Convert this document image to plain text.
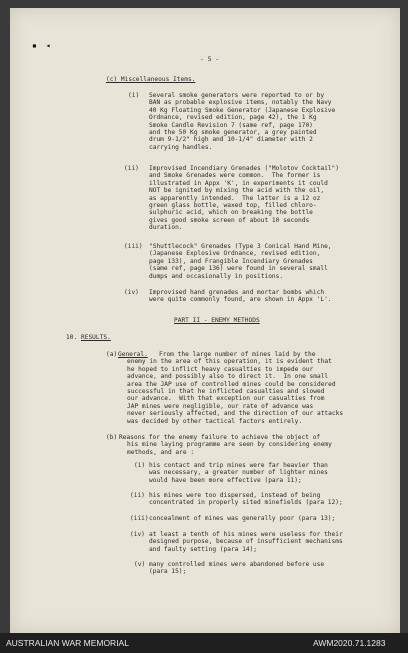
▪ ◂
- 5 -
(c) Miscellaneous Items.
(i) Several smoke generators were reported to or by
BAN as probable explosive items, notably the Navy
40 Kg Floating Smoke Generator (Japanese Explosive
Ordnance, revised edition, page 42), the 1 Kg
Smoke Candle Revision 7 (same ref, page 170)
and the 50 Kg smoke generator, a grey painted
drum 9-1/2" high and 10-1/4" diameter with 2
carrying handles.
(ii) Improvised Incendiary Grenades ("Molotov Cocktail")
and Smoke Grenades were common.  The former is
illustrated in Appx 'K', in experiments it could
NOT be ignited by mixing the acid with the oil,
as apparently intended.  The latter is a 12 oz
green glass bottle, waxed top, filled chloro-
sulphuric acid, which on breaking the bottle
gives good smoke screen of about 10 seconds
duration.
(iii) "Shuttlecock" Grenades (Type 3 Conical Hand Mine,
(Japanese Explosive Ordnance, revised edition,
page 133), and Frangible Incendiary Grenades
(same ref, page 136) were found in several small
dumps and occasionally in positions.
(iv) Improvised hand grenades and mortar bombs which
were quite commonly found, are shown in Appx 'L'.
PART II - ENEMY METHODS
10. RESULTS.
(a) General. From the large number of mines laid by the
enemy in the area of this operation, it is evident that
he hoped to inflict heavy casualties to impede our
advance, and possibly also to direct it.  In one small
area the JAP use of controlled mines could be considered
successful in that he inflicted casualties and slowed
our advance.  With that exception our casualties from
JAP mines were negligible, our rate of advance was
never seriously affected, and the direction of our attacks
was decided by other tactical factors entirely.
(b) Reasons for the enemy failure to achieve the object of
his mine laying programme are seen by considering enemy
methods, and are :
(i) his contact and trip mines were far heavier than
was necessary, a greater number of lighter mines
would have been more effective (para 11);
(ii) his mines were too dispersed, instead of being
concentrated in properly sited minefields (para 12);
(iii) concealment of mines was generally poor (para 13);
(iv) at least a tenth of his mines were useless for their
designed purpose, because of insufficient mechanisms
and faulty setting (para 14);
(v) many controlled mines were abandoned before use
(para 15);
AUSTRALIAN WAR MEMORIAL	AWM2020.71.1283
